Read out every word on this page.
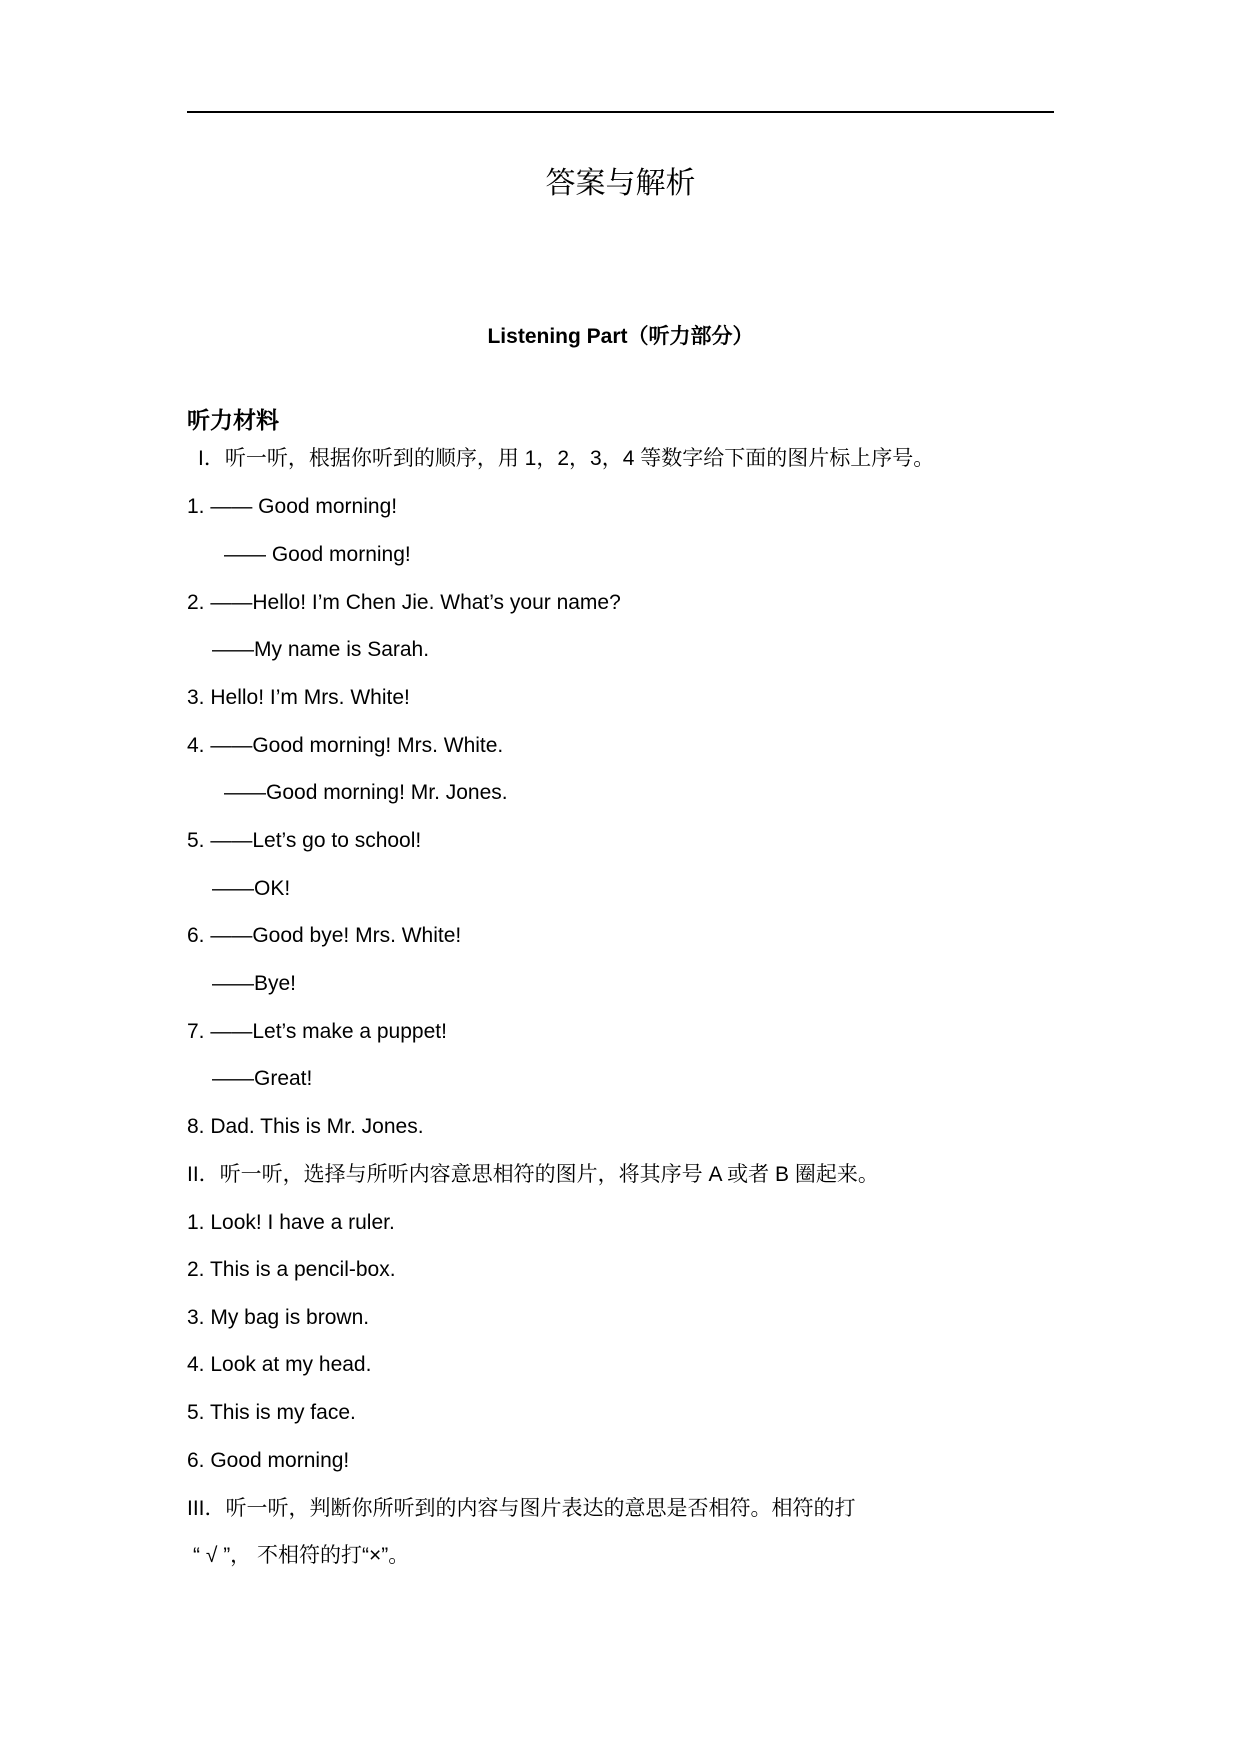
答案与解析
Listening Part（听力部分）
听力材料
I．听一听，根据你听到的顺序，用 1，2，3，4 等数字给下面的图片标上序号。
1. —— Good morning!
—— Good morning!
2. ——Hello! I’m Chen Jie. What’s your name?
——My name is Sarah.
3. Hello! I’m Mrs. White!
4. ——Good morning! Mrs. White.
——Good morning! Mr. Jones.
5. ——Let’s go to school!
——OK!
6. ——Good bye! Mrs. White!
——Bye!
7. ——Let’s make a puppet!
——Great!
8. Dad. This is Mr. Jones.
II．听一听，选择与所听内容意思相符的图片，将其序号 A 或者 B 圈起来。
1. Look! I have a ruler.
2. This is a pencil-box.
3. My bag is brown.
4. Look at my head.
5. This is my face.
6. Good morning!
III．听一听，判断你所听到的内容与图片表达的意思是否相符。相符的打
“ √ ”， 不相符的打“×”。
